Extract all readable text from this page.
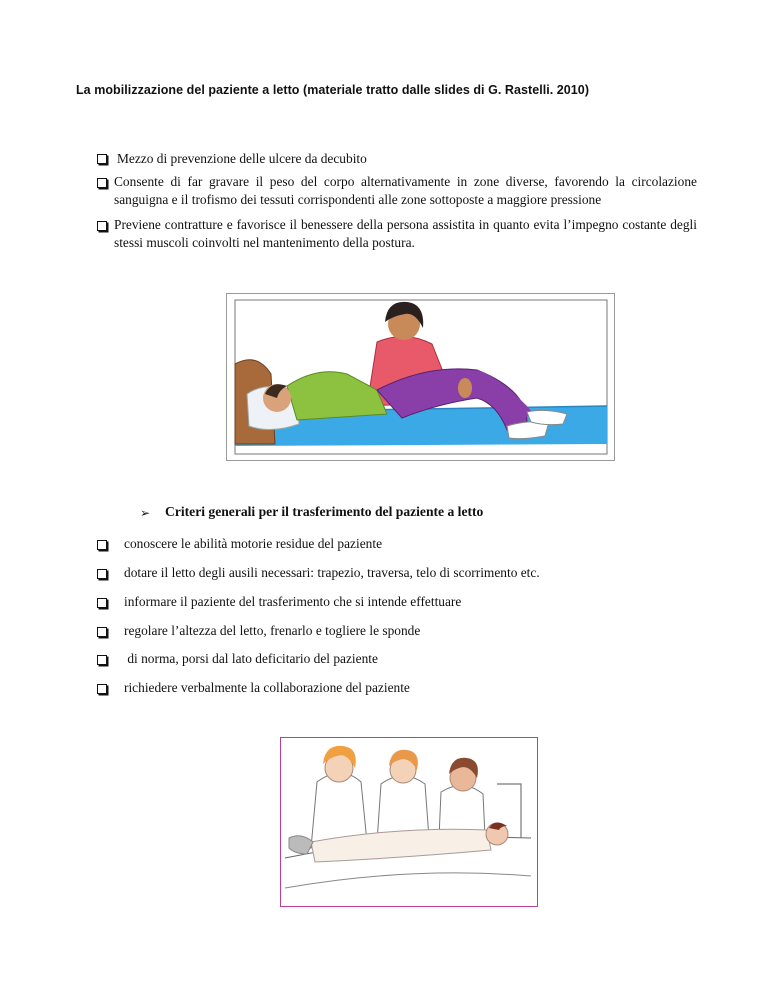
La mobilizzazione del paziente a letto (materiale tratto dalle slides di G. Rastelli. 2010)
Mezzo di prevenzione delle ulcere da decubito
Consente di far gravare il peso del corpo alternativamente in zone diverse, favorendo la circolazione sanguigna e il trofismo dei tessuti corrispondenti alle zone sottoposte a maggiore pressione
Previene contratture e favorisce il benessere della persona assistita in quanto evita l’impegno costante degli stessi muscoli coinvolti nel mantenimento della postura.
➢ Criteri generali per il trasferimento del paziente a letto
conoscere le abilità motorie residue del paziente
dotare il letto degli ausili necessari: trapezio, traversa, telo di scorrimento etc.
informare il paziente del trasferimento che si intende effettuare
regolare l’altezza del letto, frenarlo e togliere le sponde
di norma, porsi dal lato deficitario del paziente
richiedere verbalmente la collaborazione del paziente
